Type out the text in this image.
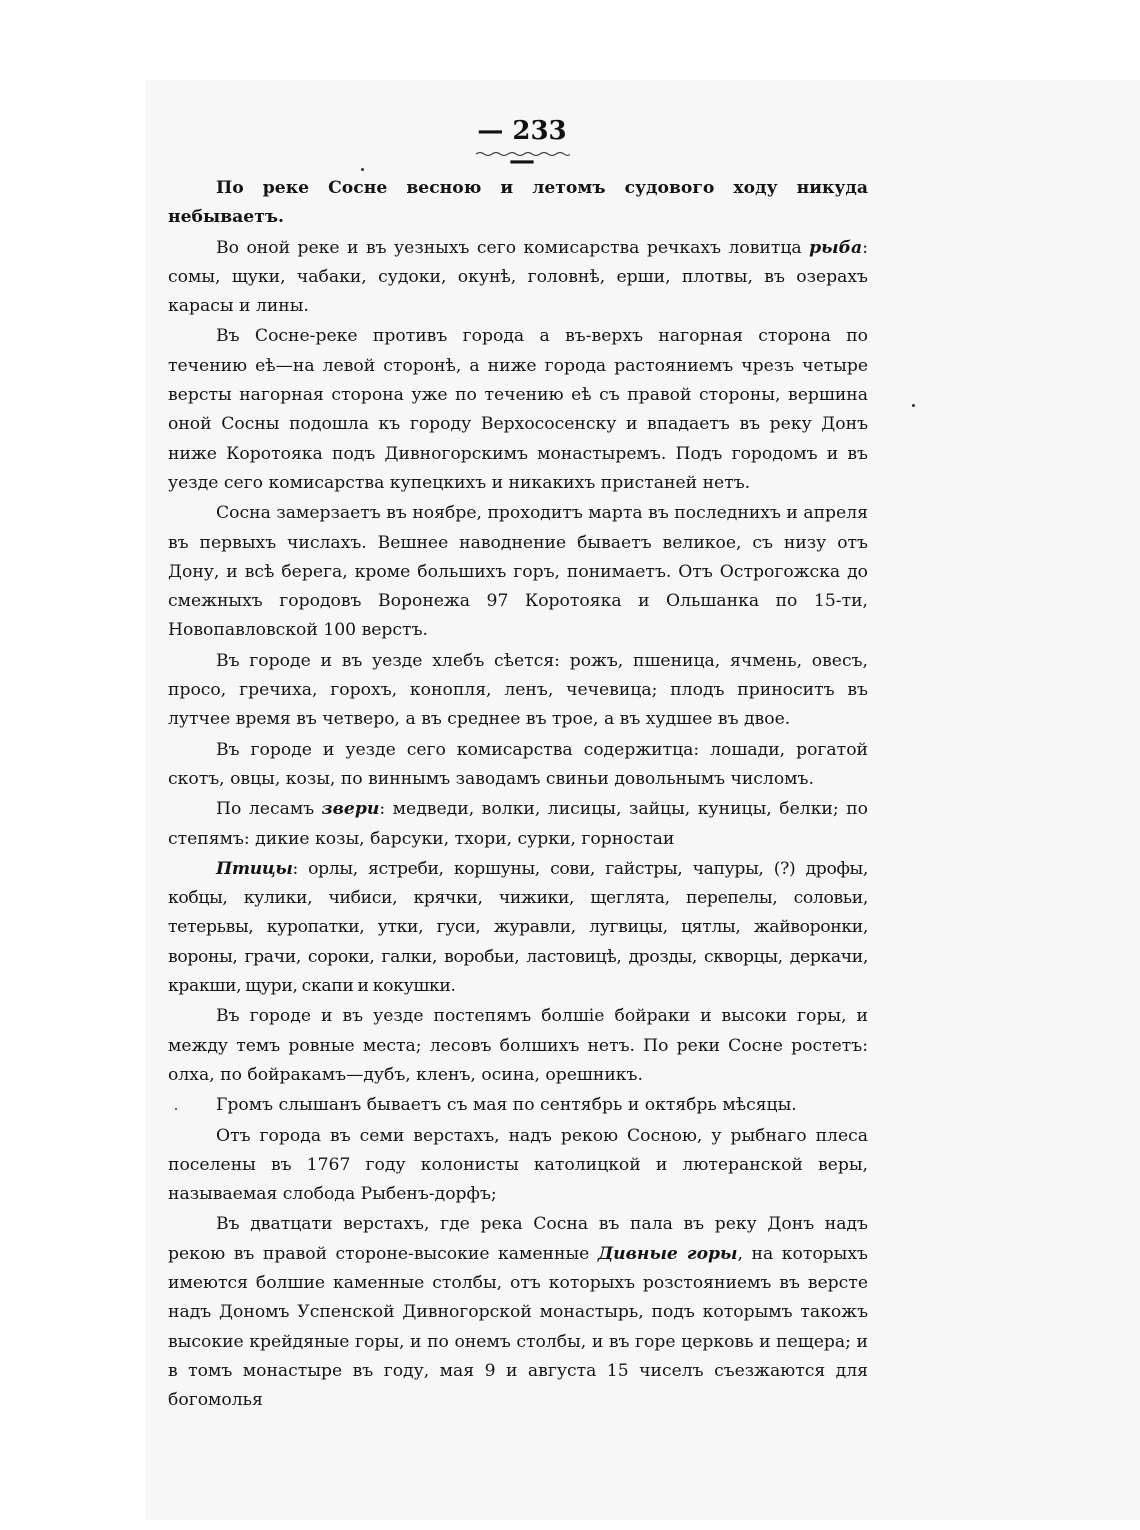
— 233 —

По реке Сосне весною и летомъ судового ходу никуда небываетъ.

Во оной реке и въ уезныхъ сего комисарства речкахъ ловитца рыба: сомы, щуки, чабаки, судоки, окунѣ, головнѣ, ерши, плотвы, въ озерахъ карасы и лины.

Въ Сосне-реке противъ города а въ-верхъ нагорная сторона по течению еѣ—на левой сторонѣ, а ниже города растояниемъ чрезъ четыре версты нагорная сторона уже по течению еѣ съ правой стороны, вершина оной Сосны подошла къ городу Верхососенску и впадаетъ въ реку Донъ ниже Коротояка подъ Дивногорскимъ монастыремъ. Подъ городомъ и въ уезде сего комисарства купецкихъ и никакихъ пристаней нетъ.

Сосна замерзаетъ въ ноябре, проходитъ марта въ последнихъ и апреля въ первыхъ числахъ. Вешнее наводнение бываетъ великое, съ низу отъ Дону, и всѣ берега, кроме большихъ горъ, понимаетъ. Отъ Острогожска до смежныхъ городовъ Воронежа 97 Коротояка и Ольшанка по 15-ти, Новопавловской 100 верстъ.

Въ городе и въ уезде хлебъ сѣется: рожъ, пшеница, ячмень, овесъ, просо, гречиха, горохъ, конопля, ленъ, чечевица; плодъ приноситъ въ лутчее время въ четверо, а въ среднее въ трое, а въ худшее въ двое.

Въ городе и уезде сего комисарства содержитца: лошади, рогатой скотъ, овцы, козы, по виннымъ заводамъ свиньи довольнымъ числомъ.

По лесамъ звери: медведи, волки, лисицы, зайцы, куницы, белки; по степямъ: дикие козы, барсуки, тхори, сурки, горностаи

Птицы: орлы, ястреби, коршуны, сови, гайстры, чапуры, (?) дрофы, кобцы, кулики, чибиси, крячки, чижики, щеглята, перепелы, соловьи, тетерьвы, куропатки, утки, гуси, журавли, лугвицы, цятлы, жайворонки, вороны, грачи, сороки, галки, воробьи, ластовицѣ, дрозды, скворцы, деркачи, кракши, щури, скапи и кокушки.

Въ городе и въ уезде постепямъ болшіе бойраки и высоки горы, и между темъ ровные места; лесовъ болшихъ нетъ. По реки Сосне ростетъ: олха, по бойракамъ—дубъ, кленъ, осина, орешникъ.

Громъ слышанъ бываетъ съ мая по сентябрь и октябрь мѣсяцы.

Отъ города въ семи верстахъ, надъ рекою Сосною, у рыбнаго плеса поселены въ 1767 году колонисты католицкой и лютеранской веры, называемая слобода Рыбенъ-дорфъ;

Въ дватцати верстахъ, где река Сосна въ пала въ реку Донъ надъ рекою въ правой стороне-высокие каменные Дивные горы, на которыхъ имеются болшие каменные столбы, отъ которыхъ розстояниемъ въ версте надъ Дономъ Успенской Дивногорской монастырь, подъ которымъ такожъ высокие крейдяные горы, и по онемъ столбы, и въ горе церковь и пещера; и в томъ монастыре въ году, мая 9 и августа 15 чиселъ съезжаются для богомолья
